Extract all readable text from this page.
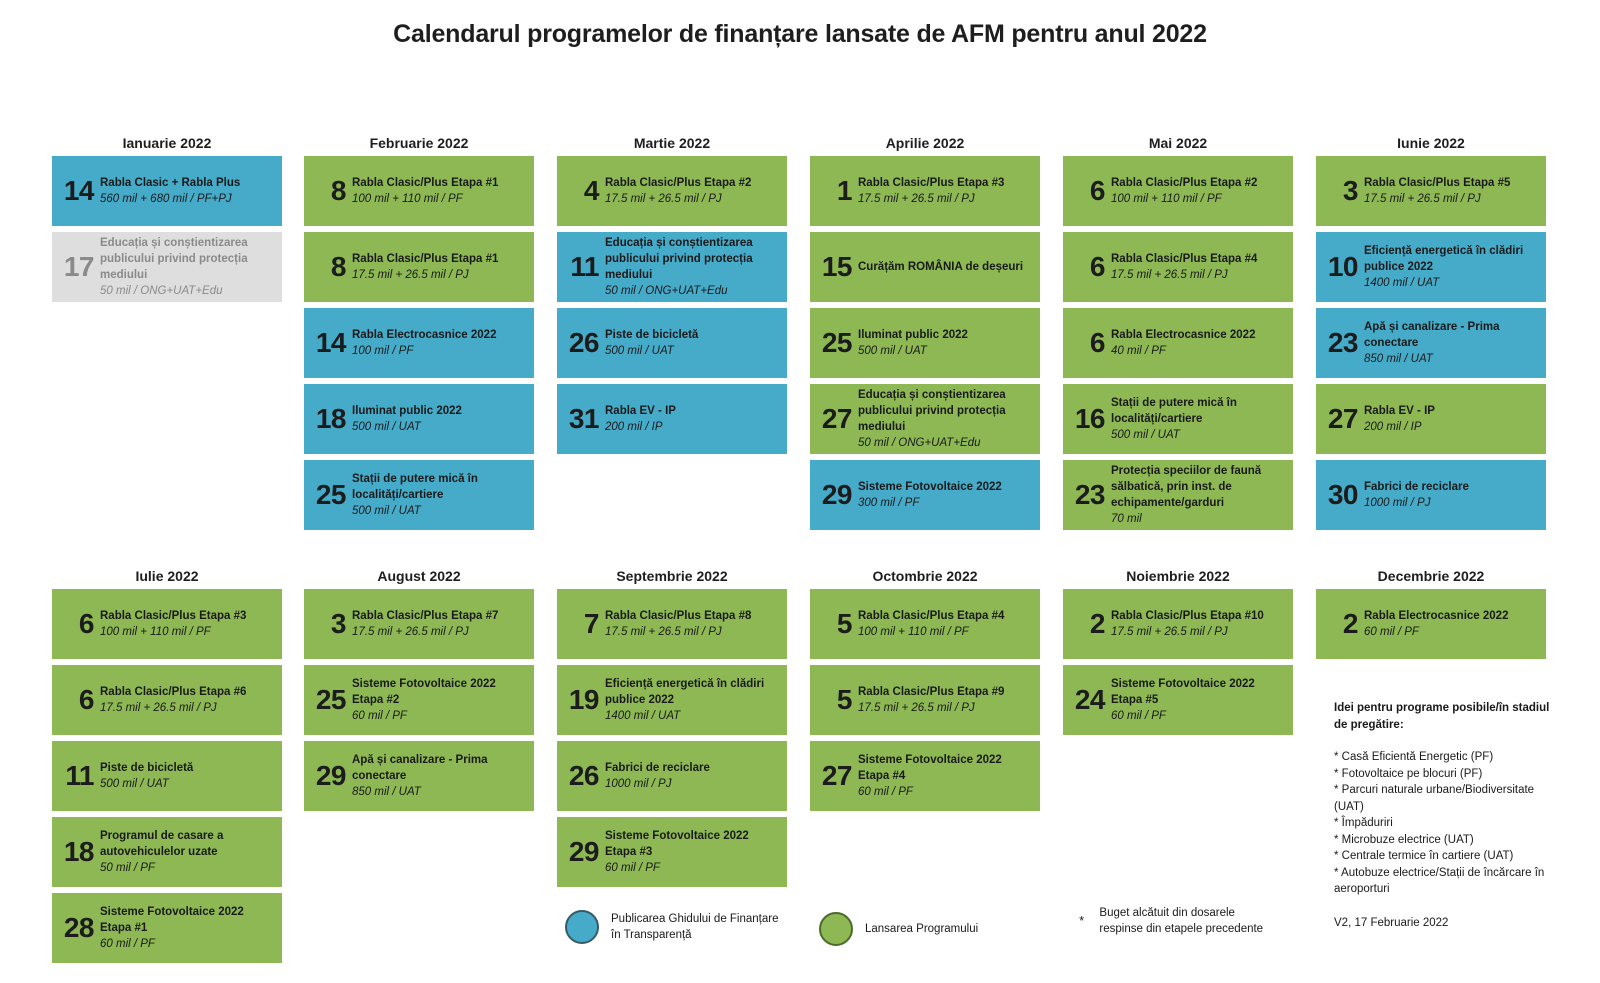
Calendarul programelor de finanțare lansate de AFM pentru anul 2022
Ianuarie 2022
14 Rabla Clasic + Rabla Plus
560 mil + 680 mil / PF+PJ
17
Educația și conștientizarea publicului privind protecția mediului
50 mil / ONG+UAT+Edu
Februarie 2022
8 Rabla Clasic/Plus Etapa #1
100 mil + 110 mil / PF
8 Rabla Clasic/Plus Etapa #1
17.5 mil + 26.5 mil / PJ
14 Rabla Electrocasnice 2022
100 mil / PF
18 Iluminat public 2022
500 mil / UAT
25 Stații de putere mică în localități/cartiere
500 mil / UAT
Martie 2022
4 Rabla Clasic/Plus Etapa #2
17.5 mil + 26.5 mil / PJ
11
Educația și conștientizarea publicului privind protecția mediului
50 mil / ONG+UAT+Edu
26 Piste de bicicletă
500 mil / UAT
31 Rabla EV - IP
200 mil / IP
Aprilie 2022
1 Rabla Clasic/Plus Etapa #3
17.5 mil + 26.5 mil / PJ
15 Curățăm ROMÂNIA de deșeuri
25 Iluminat public 2022
500 mil / UAT
27
Educația și conștientizarea publicului privind protecția mediului
50 mil / ONG+UAT+Edu
29 Sisteme Fotovoltaice 2022
300 mil / PF
Mai 2022
6 Rabla Clasic/Plus Etapa #2
100 mil + 110 mil / PF
6 Rabla Clasic/Plus Etapa #4
17.5 mil + 26.5 mil / PJ
6 Rabla Electrocasnice 2022
40 mil / PF
16 Stații de putere mică în localități/cartiere
500 mil / UAT
23
Protecția speciilor de faună sălbatică, prin inst. de echipamente/garduri
70 mil
Iunie 2022
3 Rabla Clasic/Plus Etapa #5
17.5 mil + 26.5 mil / PJ
10 Eficiență energetică în clădiri publice 2022
1400 mil / UAT
23 Apă și canalizare - Prima conectare
850 mil / UAT
27 Rabla EV - IP
200 mil / IP
30 Fabrici de reciclare
1000 mil / PJ
Iulie 2022
6 Rabla Clasic/Plus Etapa #3
100 mil + 110 mil / PF
6 Rabla Clasic/Plus Etapa #6
17.5 mil + 26.5 mil / PJ
11 Piste de bicicletă
500 mil / UAT
18 Programul de casare a autovehiculelor uzate
50 mil / PF
28 Sisteme Fotovoltaice 2022 Etapa #1
60 mil / PF
August 2022
3 Rabla Clasic/Plus Etapa #7
17.5 mil + 26.5 mil / PJ
25 Sisteme Fotovoltaice 2022 Etapa #2
60 mil / PF
29 Apă și canalizare - Prima conectare
850 mil / UAT
Septembrie 2022
7 Rabla Clasic/Plus Etapa #8
17.5 mil + 26.5 mil / PJ
19 Eficiență energetică în clădiri publice 2022
1400 mil / UAT
26 Fabrici de reciclare
1000 mil / PJ
29 Sisteme Fotovoltaice 2022 Etapa #3
60 mil / PF
Octombrie 2022
5 Rabla Clasic/Plus Etapa #4
100 mil + 110 mil / PF
5 Rabla Clasic/Plus Etapa #9
17.5 mil + 26.5 mil / PJ
27 Sisteme Fotovoltaice 2022 Etapa #4
60 mil / PF
Noiembrie 2022
2 Rabla Clasic/Plus Etapa #10
17.5 mil + 26.5 mil / PJ
24 Sisteme Fotovoltaice 2022 Etapa #5
60 mil / PF
Decembrie 2022
2 Rabla Electrocasnice 2022
60 mil / PF
Idei pentru programe posibile/în stadiul de pregătire:
* Casă Eficientă Energetic (PF)
* Fotovoltaice pe blocuri (PF)
* Parcuri naturale urbane/Biodiversitate (UAT)
* Împăduriri
* Microbuze electrice (UAT)
* Centrale termice în cartiere (UAT)
* Autobuze electrice/Stații de încărcare în aeroporturi
V2, 17 Februarie 2022
Publicarea Ghidului de Finanțare în Transparență	Lansarea Programului
*	Buget alcătuit din dosarele respinse din etapele precedente
